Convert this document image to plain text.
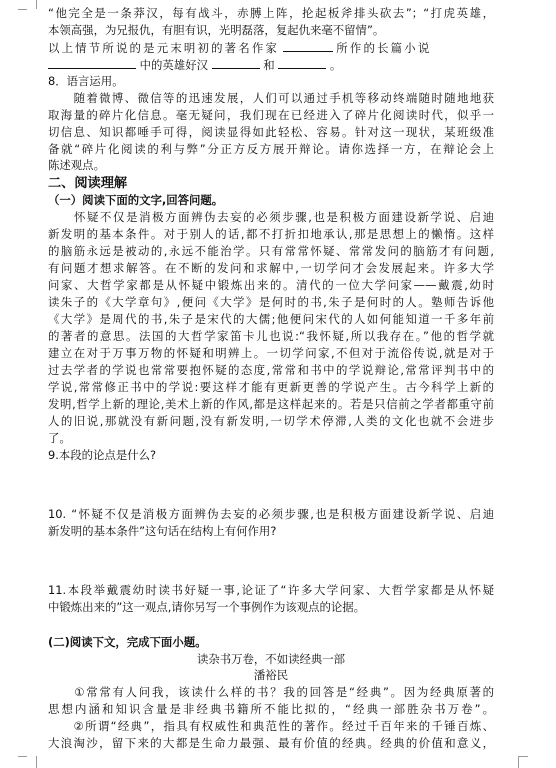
“他完全是一条莽汉，每有战斗，赤膊上阵，抡起板斧排头砍去”；“打虎英雄，
本领高强，为兄报仇，有胆有识，光明磊落，复起仇来毫不留情”。
以上情节所说的是元末明初的著名作家	所作的长篇小说
中的英雄好汉	和	。
8．语言运用。
　　随着微博、微信等的迅速发展，人们可以通过手机等移动终端随时随地地获
取海量的碎片化信息。毫无疑问，我们现在已经进入了碎片化阅读时代，似乎一
切信息、知识都唾手可得，阅读显得如此轻松、容易。针对这一现状，某班级准
备就“碎片化阅读的利与弊”分正方反方展开辩论。请你选择一方，在辩论会上
陈述观点。
二、阅读理解
（一）阅读下面的文字,回答问题。
　　怀疑不仅是消极方面辨伪去妄的必须步骤,也是积极方面建设新学说、启迪
新发明的基本条件。对于别人的话,都不打折扣地承认,那是思想上的懒惰。这样
的脑筋永远是被动的,永远不能治学。只有常常怀疑、常常发问的脑筋才有问题,
有问题才想求解答。在不断的发问和求解中,一切学问才会发展起来。许多大学
问家、大哲学家都是从怀疑中锻炼出来的。清代的一位大学问家——戴震,幼时
读朱子的《大学章句》,便问《大学》是何时的书,朱子是何时的人。塾师告诉他
《大学》是周代的书,朱子是宋代的大儒;他便问宋代的人如何能知道一千多年前
的著者的意思。法国的大哲学家笛卡儿也说:“我怀疑,所以我存在。”他的哲学就
建立在对于万事万物的怀疑和明辨上。一切学问家,不但对于流俗传说,就是对于
过去学者的学说也常常要抱怀疑的态度,常常和书中的学说辩论,常常评判书中的
学说,常常修正书中的学说:要这样才能有更新更善的学说产生。古今科学上新的
发明,哲学上新的理论,美术上新的作风,都是这样起来的。若是只信前之学者都重守前
人的旧说,那就没有新问题,没有新发明,一切学术停滞,人类的文化也就不会进步
了。
9.本段的论点是什么?
10. “怀疑不仅是消极方面辨伪去妄的必须步骤,也是积极方面建设新学说、启迪
新发明的基本条件”这句话在结构上有何作用?
11.本段举戴震幼时读书好疑一事,论证了“许多大学问家、大哲学家都是从怀疑
中锻炼出来的”这一观点,请你另写一个事例作为该观点的论据。
(二)阅读下文，完成下面小题。
读杂书万卷，不如读经典一部
潘裕民
　　①常常有人问我，该读什么样的书？我的回答是“经典”。因为经典原著的
思想内涵和知识含量是非经典书籍所不能比拟的，“经典一部胜杂书万卷”。
　　②所谓“经典”，指具有权威性和典范性的著作。经过千百年来的千锤百炼、
大浪淘沙，留下来的大都是生命力最强、最有价值的经典。经典的价值和意义，
